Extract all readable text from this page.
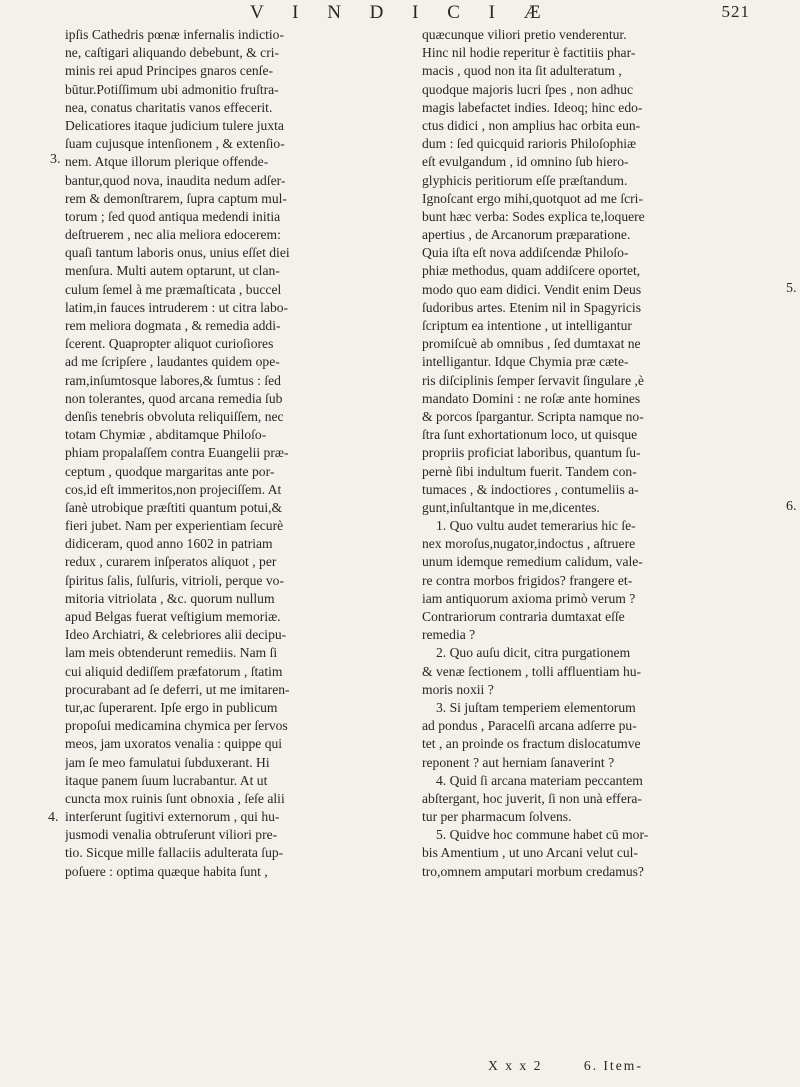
V I N D I C I Æ	521
3.
4.
5.
6.
ipſis Cathedris pœnæ infernalis indictio-
ne, caſtigari aliquando debebunt, & cri-
minis rei apud Principes gnaros cenſe-
būtur.Potiſſimum ubi admonitio fruſtra-
nea, conatus charitatis vanos effecerit.
Delicatiores itaque judicium tulere juxta
ſuam cujusque intenſionem , & extenſio-
nem. Atque illorum plerique offende-
bantur,quod nova, inaudita nedum adſer-
rem & demonſtrarem, ſupra captum mul-
torum ; ſed quod antiqua medendi initia
deſtruerem , nec alia meliora edocerem:
quaſi tantum laboris onus, unius eſſet diei
menſura. Multi autem optarunt, ut clan-
culum ſemel à me præmaſticata , buccel
latim,in fauces intruderem : ut citra labo-
rem meliora dogmata , & remedia addi-
ſcerent. Quapropter aliquot curioſiores
ad me ſcripſere , laudantes quidem ope-
ram,inſumtosque labores,& ſumtus : ſed
non tolerantes, quod arcana remedia ſub
denſis tenebris obvoluta reliquiſſem, nec
totam Chymiæ , abditamque Philoſo-
phiam propalaſſem contra Euangelii præ-
ceptum , quodque margaritas ante por-
cos,id eſt immeritos,non projeciſſem. At
ſanè utrobique præſtiti quantum potui,&
fieri jubet. Nam per experientiam ſecurè
didiceram, quod anno 1602 in patriam
redux , curarem inſperatos aliquot , per
ſpiritus ſalis, ſulſuris, vitrioli, perque vo-
mitoria vitriolata , &c. quorum nullum
apud Belgas fuerat veſtigium memoriæ.
Ideo Archiatri, & celebriores alii decipu-
lam meis obtenderunt remediis. Nam ſi
cui aliquid dediſſem præfatorum , ſtatim
procurabant ad ſe deferri, ut me imitaren-
tur,ac ſuperarent. Ipſe ergo in publicum
propoſui medicamina chymica per ſervos
meos, jam uxoratos venalia : quippe qui
jam ſe meo famulatui ſubduxerant. Hi
itaque panem ſuum lucrabantur. At ut
cuncta mox ruinis ſunt obnoxia , ſeſe alii
interſerunt ſugitivi externorum , qui hu-
jusmodi venalia obtruſerunt viliori pre-
tio. Sicque mille fallaciis adulterata ſup-
poſuere : optima quæque habita ſunt ,
quæcunque viliori pretio venderentur.
Hinc nil hodie reperitur è factitiis phar-
macis , quod non ita ſit adulteratum ,
quodque majoris lucri ſpes , non adhuc
magis labefactet indies. Ideoq; hinc edo-
ctus didici , non amplius hac orbita eun-
dum : ſed quicquid rarioris Philoſophiæ
eſt evulgandum , id omnino ſub hiero-
glyphicis peritiorum eſſe præſtandum.
Ignoſcant ergo mihi,quotquot ad me ſcri-
bunt hæc verba: Sodes explica te,loquere
apertius , de Arcanorum præparatione.
Quia iſta eſt nova addiſcendæ Philoſo-
phiæ methodus, quam addiſcere oportet,
modo quo eam didici. Vendit enim Deus
ſudoribus artes. Etenim nil in Spagyricis
ſcriptum ea intentione , ut intelligantur
promiſcuè ab omnibus , ſed dumtaxat ne
intelligantur. Idque Chymia præ cæte-
ris diſciplinis ſemper ſervavit ſingulare ,è
mandato Domini : ne roſæ ante homines
& porcos ſpargantur. Scripta namque no-
ſtra ſunt exhortationum loco, ut quisque
propriis proficiat laboribus, quantum ſu-
pernè ſibi indultum fuerit. Tandem con-
tumaces , & indoctiores , contumeliis a-
gunt,inſultantque in me,dicentes.
1. Quo vultu audet temerarius hic ſe-
nex moroſus,nugator,indoctus , aſtruere
unum idemque remedium calidum, vale-
re contra morbos frigidos? frangere et-
iam antiquorum axioma primò verum ?
Contrariorum contraria dumtaxat eſſe
remedia ?
2. Quo auſu dicit, citra purgationem
& venæ ſectionem , tolli affluentiam hu-
moris noxii ?
3. Si juſtam temperiem elementorum
ad pondus , Paracelſi arcana adſerre pu-
tet , an proinde os fractum dislocatumve
reponent ? aut herniam ſanaverint ?
4. Quid ſi arcana materiam peccantem
abſtergant, hoc juverit, ſi non unà effera-
tur per pharmacum ſolvens.
5. Quidve hoc commune habet cū mor-
bis Amentium , ut uno Arcani velut cul-
tro,omnem amputari morbum credamus?
X x x 2	6. Item-
